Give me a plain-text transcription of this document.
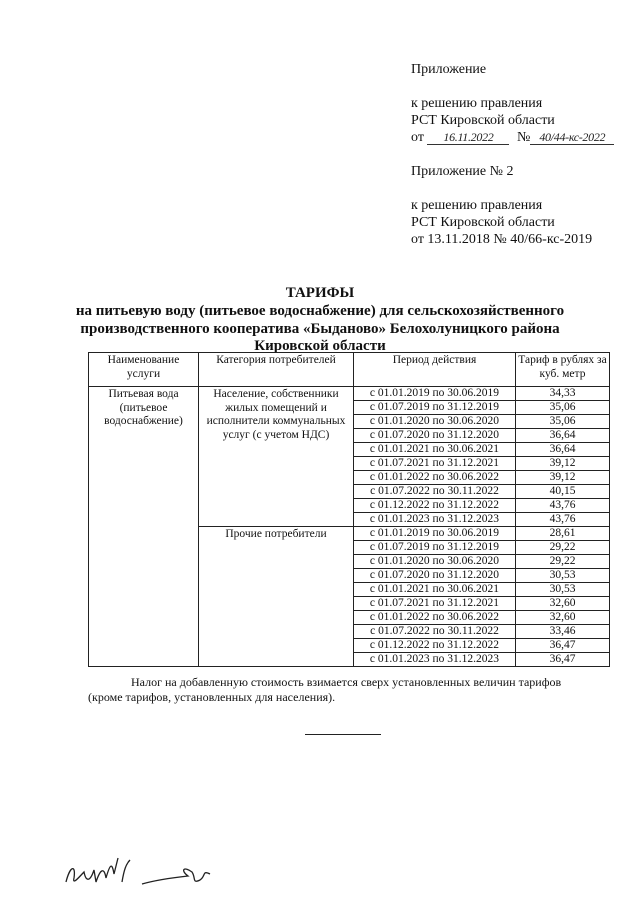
Приложение
к решению правления
РСТ Кировской области
от 16.11.2022 № 40/44-кс-2022
Приложение № 2
к решению правления
РСТ Кировской области
от 13.11.2018 № 40/66-кс-2019
ТАРИФЫ
на питьевую воду (питьевое водоснабжение) для сельскохозяйственного
производственного кооператива «Быданово» Белохолуницкого района
Кировской области
Наименование услуги	Категория потребителей	Период действия	Тариф в рублях за куб. метр
Питьевая вода (питьевое водоснабжение)	Население, собственники жилых помещений и исполнители коммунальных услуг (с учетом НДС)	с 01.01.2019 по 30.06.2019	34,33
		с 01.07.2019 по 31.12.2019	35,06
		с 01.01.2020 по 30.06.2020	35,06
		с 01.07.2020 по 31.12.2020	36,64
		с 01.01.2021 по 30.06.2021	36,64
		с 01.07.2021 по 31.12.2021	39,12
		с 01.01.2022 по 30.06.2022	39,12
		с 01.07.2022 по 30.11.2022	40,15
		с 01.12.2022 по 31.12.2022	43,76
		с 01.01.2023 по 31.12.2023	43,76
	Прочие потребители	с 01.01.2019 по 30.06.2019	28,61
		с 01.07.2019 по 31.12.2019	29,22
		с 01.01.2020 по 30.06.2020	29,22
		с 01.07.2020 по 31.12.2020	30,53
		с 01.01.2021 по 30.06.2021	30,53
		с 01.07.2021 по 31.12.2021	32,60
		с 01.01.2022 по 30.06.2022	32,60
		с 01.07.2022 по 30.11.2022	33,46
		с 01.12.2022 по 31.12.2022	36,47
		с 01.01.2023 по 31.12.2023	36,47
Налог на добавленную стоимость взимается сверх установленных величин тарифов
(кроме тарифов, установленных для населения).
